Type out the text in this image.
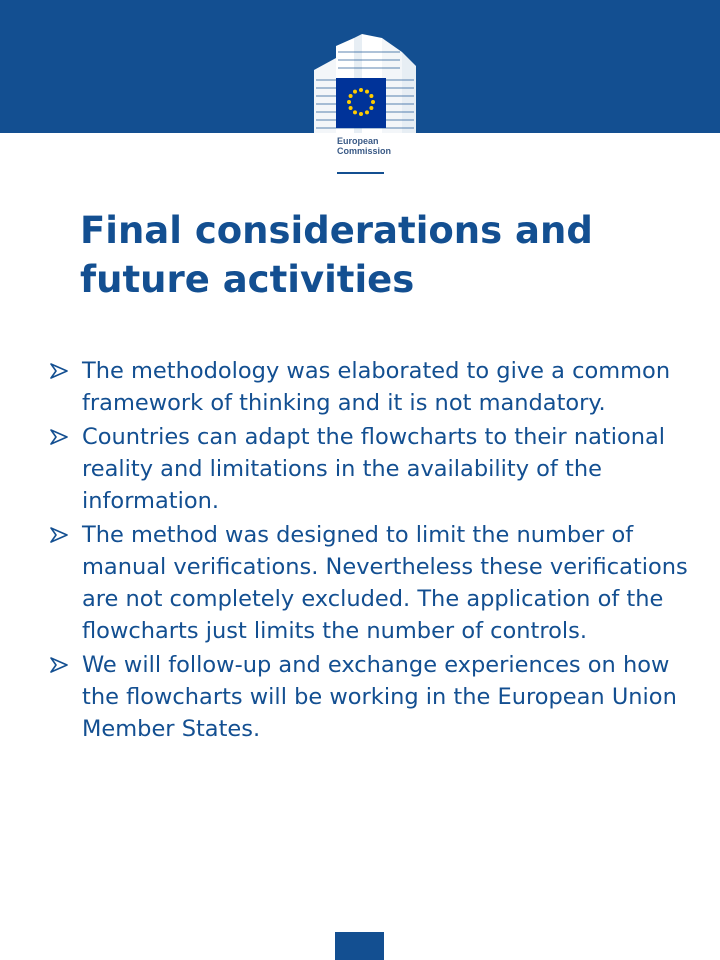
European
Commission
Final considerations and future activities
The methodology was elaborated to give a common framework of thinking and it is not mandatory.
Countries can adapt the flowcharts to their national reality and limitations in the availability of the information.
The method was designed to limit the number of manual verifications. Nevertheless these verifications are not completely excluded. The application of the flowcharts just limits the number of controls.
We will follow-up and exchange experiences on how the flowcharts will be working in the European Union Member States.
